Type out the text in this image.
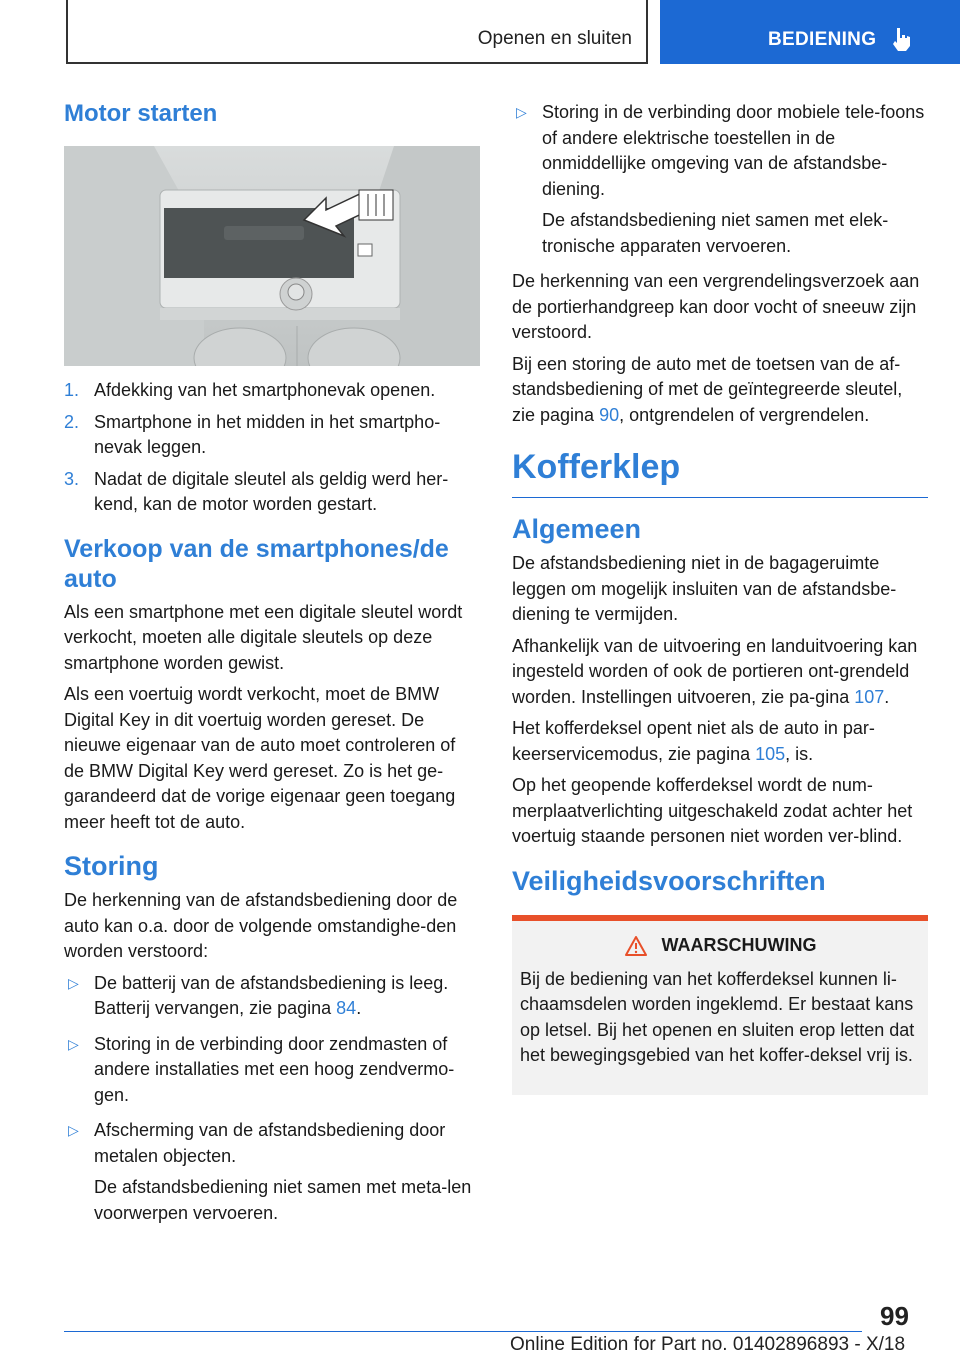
Openen en sluiten	BEDIENING
Motor starten
1. Afdekking van het smartphonevak openen.
2. Smartphone in het midden in het smartpho‐nevak leggen.
3. Nadat de digitale sleutel als geldig werd her‐kend, kan de motor worden gestart.
Verkoop van de smartphones/de auto

Als een smartphone met een digitale sleutel wordt verkocht, moeten alle digitale sleutels op deze smartphone worden gewist.

Als een voertuig wordt verkocht, moet de BMW Digital Key in dit voertuig worden gereset. De nieuwe eigenaar van de auto moet controleren of de BMW Digital Key werd gereset. Zo is het ge‐garandeerd dat de vorige eigenaar geen toegang meer heeft tot de auto.

Storing

De herkenning van de afstandsbediening door de auto kan o.a. door de volgende omstandighe‐den worden verstoord:

▷ De batterij van de afstandsbediening is leeg. Batterij vervangen, zie pagina 84.
▷ Storing in de verbinding door zendmasten of andere installaties met een hoog zendvermo‐gen.
▷ Afscherming van de afstandsbediening door metalen objecten.
De afstandsbediening niet samen met meta‐len voorwerpen vervoeren.
▷ Storing in de verbinding door mobiele tele‐foons of andere elektrische toestellen in de onmiddellijke omgeving van de afstandsbe‐diening.
De afstandsbediening niet samen met elek‐tronische apparaten vervoeren.

De herkenning van een vergrendelingsverzoek aan de portierhandgreep kan door vocht of sneeuw zijn verstoord.

Bij een storing de auto met de toetsen van de af‐standsbediening of met de geïntegreerde sleutel, zie pagina 90, ontgrendelen of vergrendelen.

Kofferklep
Algemeen

De afstandsbediening niet in de bagageruimte leggen om mogelijk insluiten van de afstandsbe‐diening te vermijden.

Afhankelijk van de uitvoering en landuitvoering kan ingesteld worden of ook de portieren ont‐grendeld worden. Instellingen uitvoeren, zie pa‐gina 107.

Het kofferdeksel opent niet als de auto in par‐keerservicemodus, zie pagina 105, is.

Op het geopende kofferdeksel wordt de num‐merplaatverlichting uitgeschakeld zodat achter het voertuig staande personen niet worden ver‐blind.

Veiligheidsvoorschriften
WAARSCHUWING

Bij de bediening van het kofferdeksel kunnen li‐chaamsdelen worden ingeklemd. Er bestaat kans op letsel. Bij het openen en sluiten erop letten dat het bewegingsgebied van het koffer‐deksel vrij is.

99
Online Edition for Part no. 01402896893 - X/18
